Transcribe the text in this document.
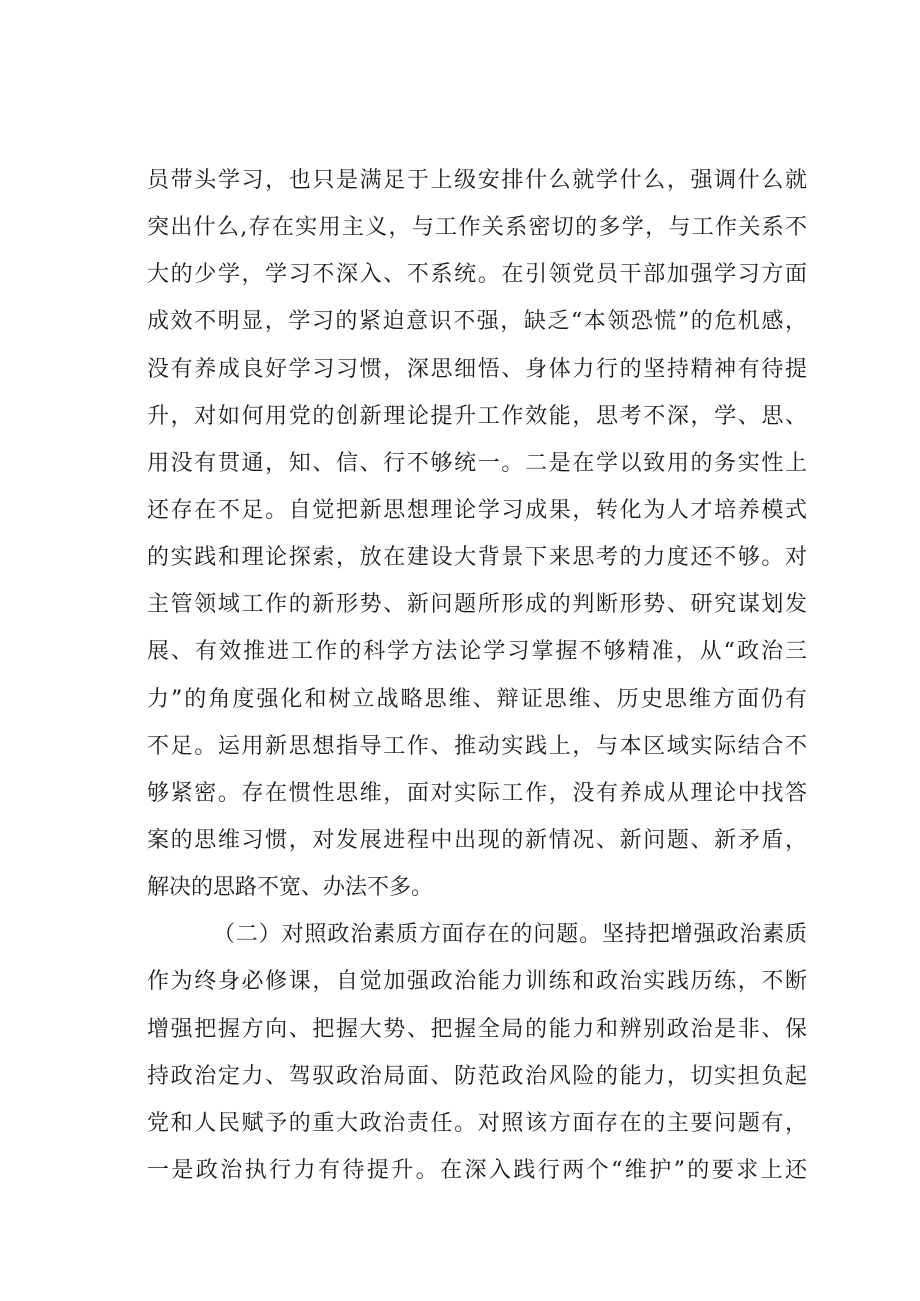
员带头学习，也只是满足于上级安排什么就学什么，强调什么就
突出什么,存在实用主义，与工作关系密切的多学，与工作关系不
大的少学，学习不深入、不系统。在引领党员干部加强学习方面
成效不明显，学习的紧迫意识不强，缺乏“本领恐慌”的危机感，
没有养成良好学习习惯，深思细悟、身体力行的坚持精神有待提
升，对如何用党的创新理论提升工作效能，思考不深，学、思、
用没有贯通，知、信、行不够统一。二是在学以致用的务实性上
还存在不足。自觉把新思想理论学习成果，转化为人才培养模式
的实践和理论探索，放在建设大背景下来思考的力度还不够。对
主管领域工作的新形势、新问题所形成的判断形势、研究谋划发
展、有效推进工作的科学方法论学习掌握不够精准，从“政治三
力”的角度强化和树立战略思维、辩证思维、历史思维方面仍有
不足。运用新思想指导工作、推动实践上，与本区域实际结合不
够紧密。存在惯性思维，面对实际工作，没有养成从理论中找答
案的思维习惯，对发展进程中出现的新情况、新问题、新矛盾，
解决的思路不宽、办法不多。
（二）对照政治素质方面存在的问题。坚持把增强政治素质
作为终身必修课，自觉加强政治能力训练和政治实践历练，不断
增强把握方向、把握大势、把握全局的能力和辨别政治是非、保
持政治定力、驾驭政治局面、防范政治风险的能力，切实担负起
党和人民赋予的重大政治责任。对照该方面存在的主要问题有，
一是政治执行力有待提升。在深入践行两个“维护”的要求上还
